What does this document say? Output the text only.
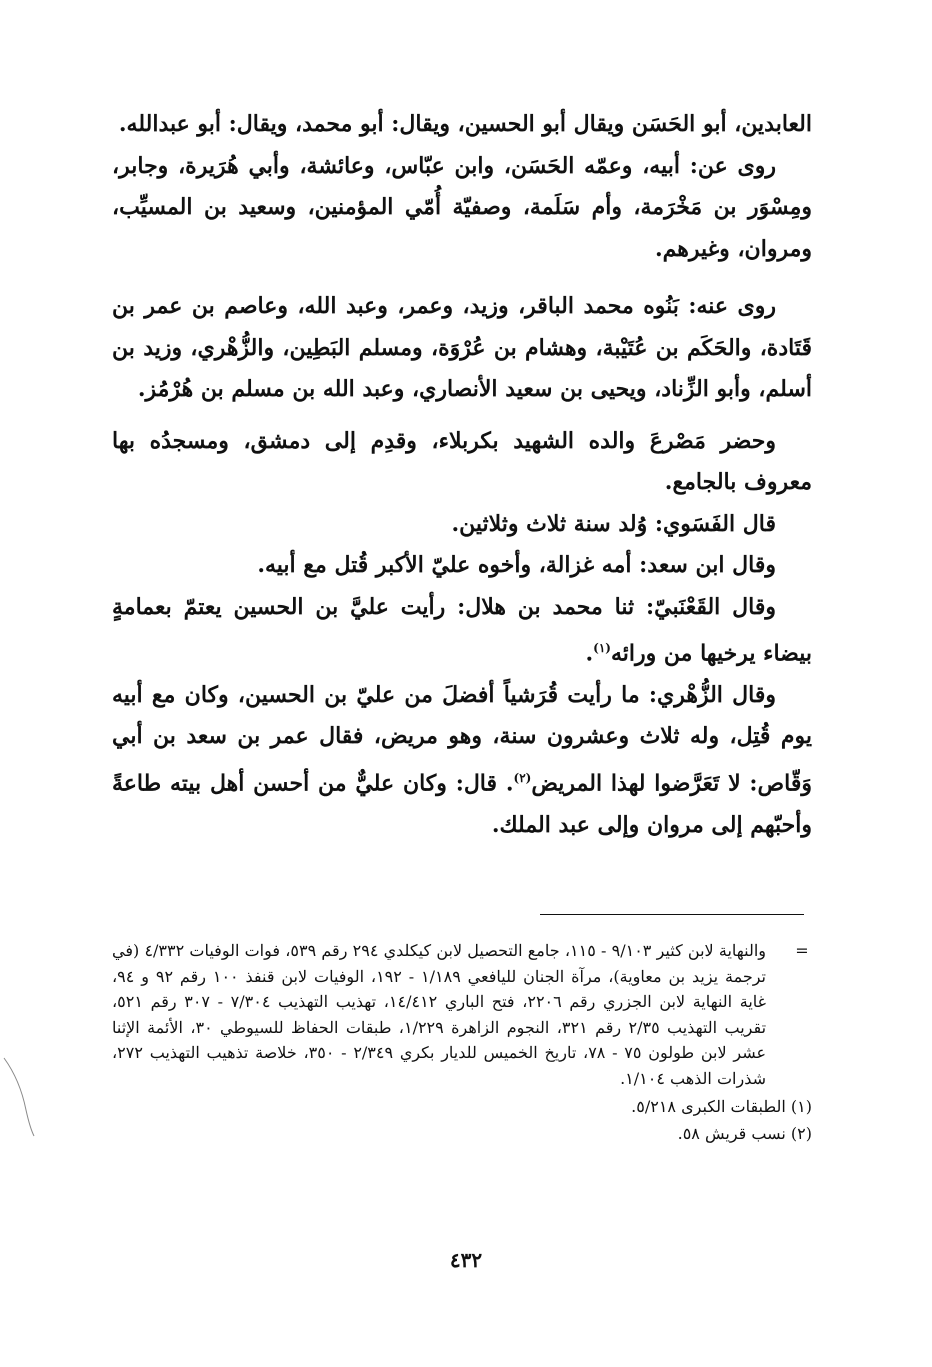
العابدين، أبو الحَسَن ويقال أبو الحسين، ويقال: أبو محمد، ويقال: أبو عبدالله.

روى عن: أبيه، وعمّه الحَسَن، وابن عبّاس، وعائشة، وأبي هُرَيرة، وجابر، ومِسْوَر بن مَخْرَمة، وأم سَلَمة، وصفيّة أُمّي المؤمنين، وسعيد بن المسيِّب، ومروان، وغيرهم.

روى عنه: بَنُوه محمد الباقر، وزيد، وعمر، وعبد الله، وعاصم بن عمر بن قَتَادة، والحَكَم بن عُتَيْبة، وهشام بن عُرْوَة، ومسلم البَطِين، والزُّهْري، وزيد بن أسلم، وأبو الزِّناد، ويحيى بن سعيد الأنصاري، وعبد الله بن مسلم بن هُرْمُز.

وحضر مَصْرعَ والده الشهيد بكربلاء، وقدِم إلى دمشق، ومسجدُه بها معروف بالجامع.

قال الفَسَوي: وُلد سنة ثلاث وثلاثين.

وقال ابن سعد: أمه غزالة، وأخوه عليّ الأكبر قُتل مع أبيه.

وقال القَعْنَبيّ: ثنا محمد بن هلال: رأيت عليَّ بن الحسين يعتمّ بعمامةٍ بيضاء يرخيها من ورائه$^{(١)}$.

وقال الزُّهْري: ما رأيت قُرَشياً أفضلَ من عليّ بن الحسين، وكان مع أبيه يوم قُتِل، وله ثلاث وعشرون سنة، وهو مريض، فقال عمر بن سعد بن أبي وَقّاص: لا تَعَرَّضوا لهذا المريض$^{(٢)}$. قال: وكان عليٌّ من أحسن أهل بيته طاعةً وأحبّهم إلى مروان وإلى عبد الملك.

=
والنهاية لابن كثير ٩/١٠٣ - ١١٥، جامع التحصيل لابن كيكلدي ٢٩٤ رقم ٥٣٩، فوات الوفيات ٤/٣٣٢ (في ترجمة يزيد بن معاوية)، مرآة الجنان لليافعي ١/١٨٩ - ١٩٢، الوفيات لابن قنفذ ١٠٠ رقم ٩٢ و ٩٤، غاية النهاية لابن الجزري رقم ٢٢٠٦، فتح الباري ١٤/٤١٢، تهذيب التهذيب ٧/٣٠٤ - ٣٠٧ رقم ٥٢١، تقريب التهذيب ٢/٣٥ رقم ٣٢١، النجوم الزاهرة ١/٢٢٩، طبقات الحفاظ للسيوطي ٣٠، الأئمة الإثنا عشر لابن طولون ٧٥ - ٧٨، تاريخ الخميس للديار بكري ٢/٣٤٩ - ٣٥٠، خلاصة تذهيب التهذيب ٢٧٢، شذرات الذهب ١/١٠٤.

(١) الطبقات الكبرى ٥/٢١٨.

(٢) نسب قريش ٥٨.

٤٣٢
